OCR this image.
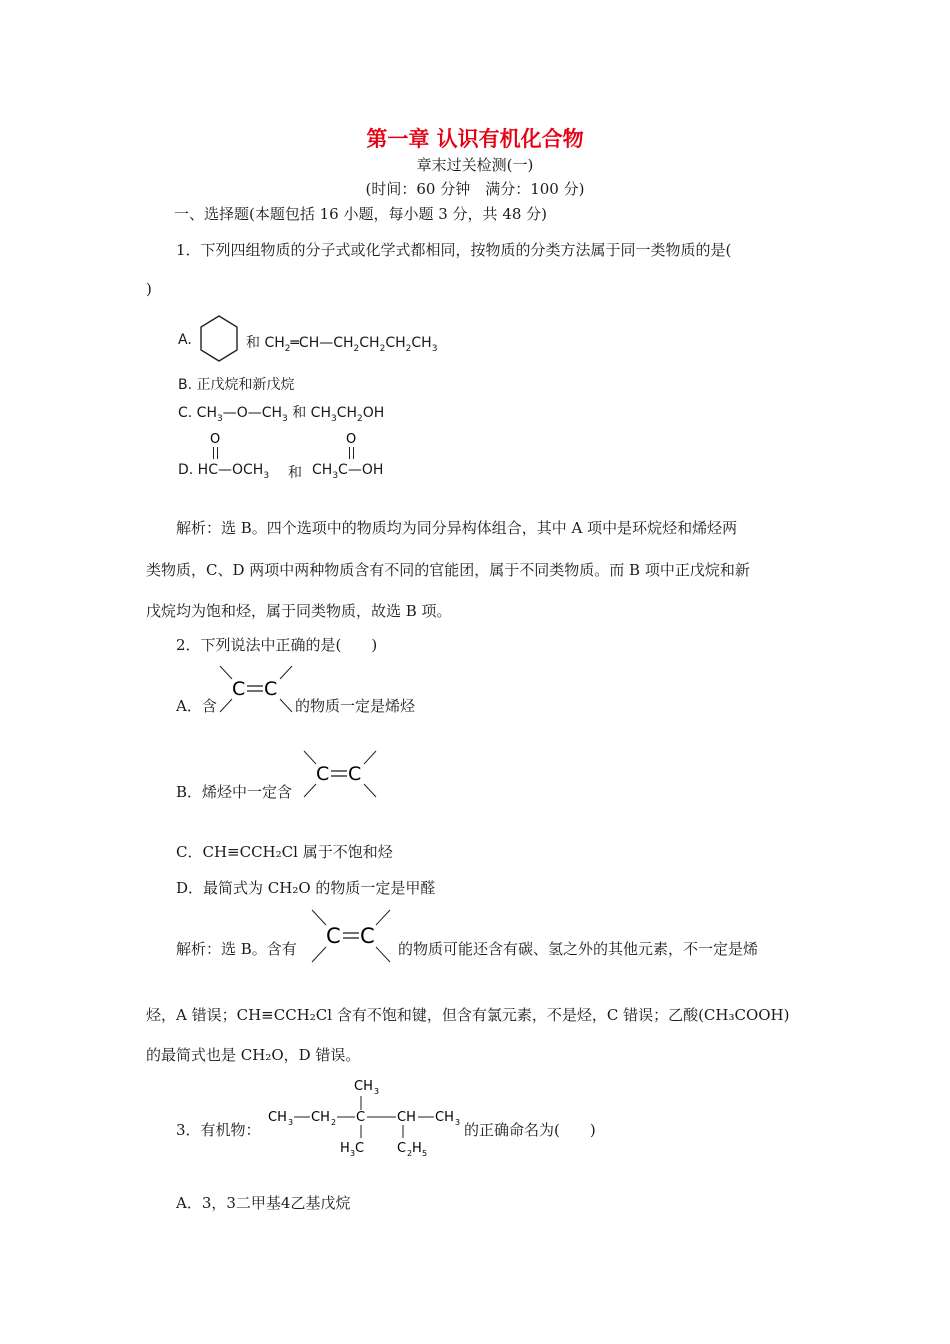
第一章 认识有机化合物
章末过关检测(一)
(时间：60 分钟　满分：100 分)
一、选择题(本题包括 16 小题，每小题 3 分，共 48 分)
1．下列四组物质的分子式或化学式都相同，按物质的分类方法属于同一类物质的是(
)
A.	和 $CH_2═CH—CH_2CH_2CH_2CH_3$
B. 正戊烷和新戊烷
C. $CH_3—O—CH_3$ 和 $CH_3CH_2OH$
O	O
D. $HC—OCH_3$ 和 $CH_3C—OH$
解析：选 B。四个选项中的物质均为同分异构体组合，其中 A 项中是环烷烃和烯烃两
类物质，C、D 两项中两种物质含有不同的官能团，属于不同类物质。而 B 项中正戊烷和新
戊烷均为饱和烃，属于同类物质，故选 B 项。
2．下列说法中正确的是(　　)
A．含
C C
的物质一定是烯烃
B．烯烃中一定含
C C
C．CH≡CCH₂Cl 属于不饱和烃
D．最简式为 CH₂O 的物质一定是甲醛
解析：选 B。含有
C C
的物质可能还含有碳、氢之外的其他元素，不一定是烯
烃，A 错误；CH≡CCH₂Cl 含有不饱和键，但含有氯元素，不是烃，C 错误；乙酸(CH₃COOH)
的最简式也是 CH₂O，D 错误。
3．有机物：
CH 3
CH 3 CH 2 C CH CH 3
H 3 C	C 2 H 5
的正确命名为(　　)
A．3，3二甲基4乙基戊烷
